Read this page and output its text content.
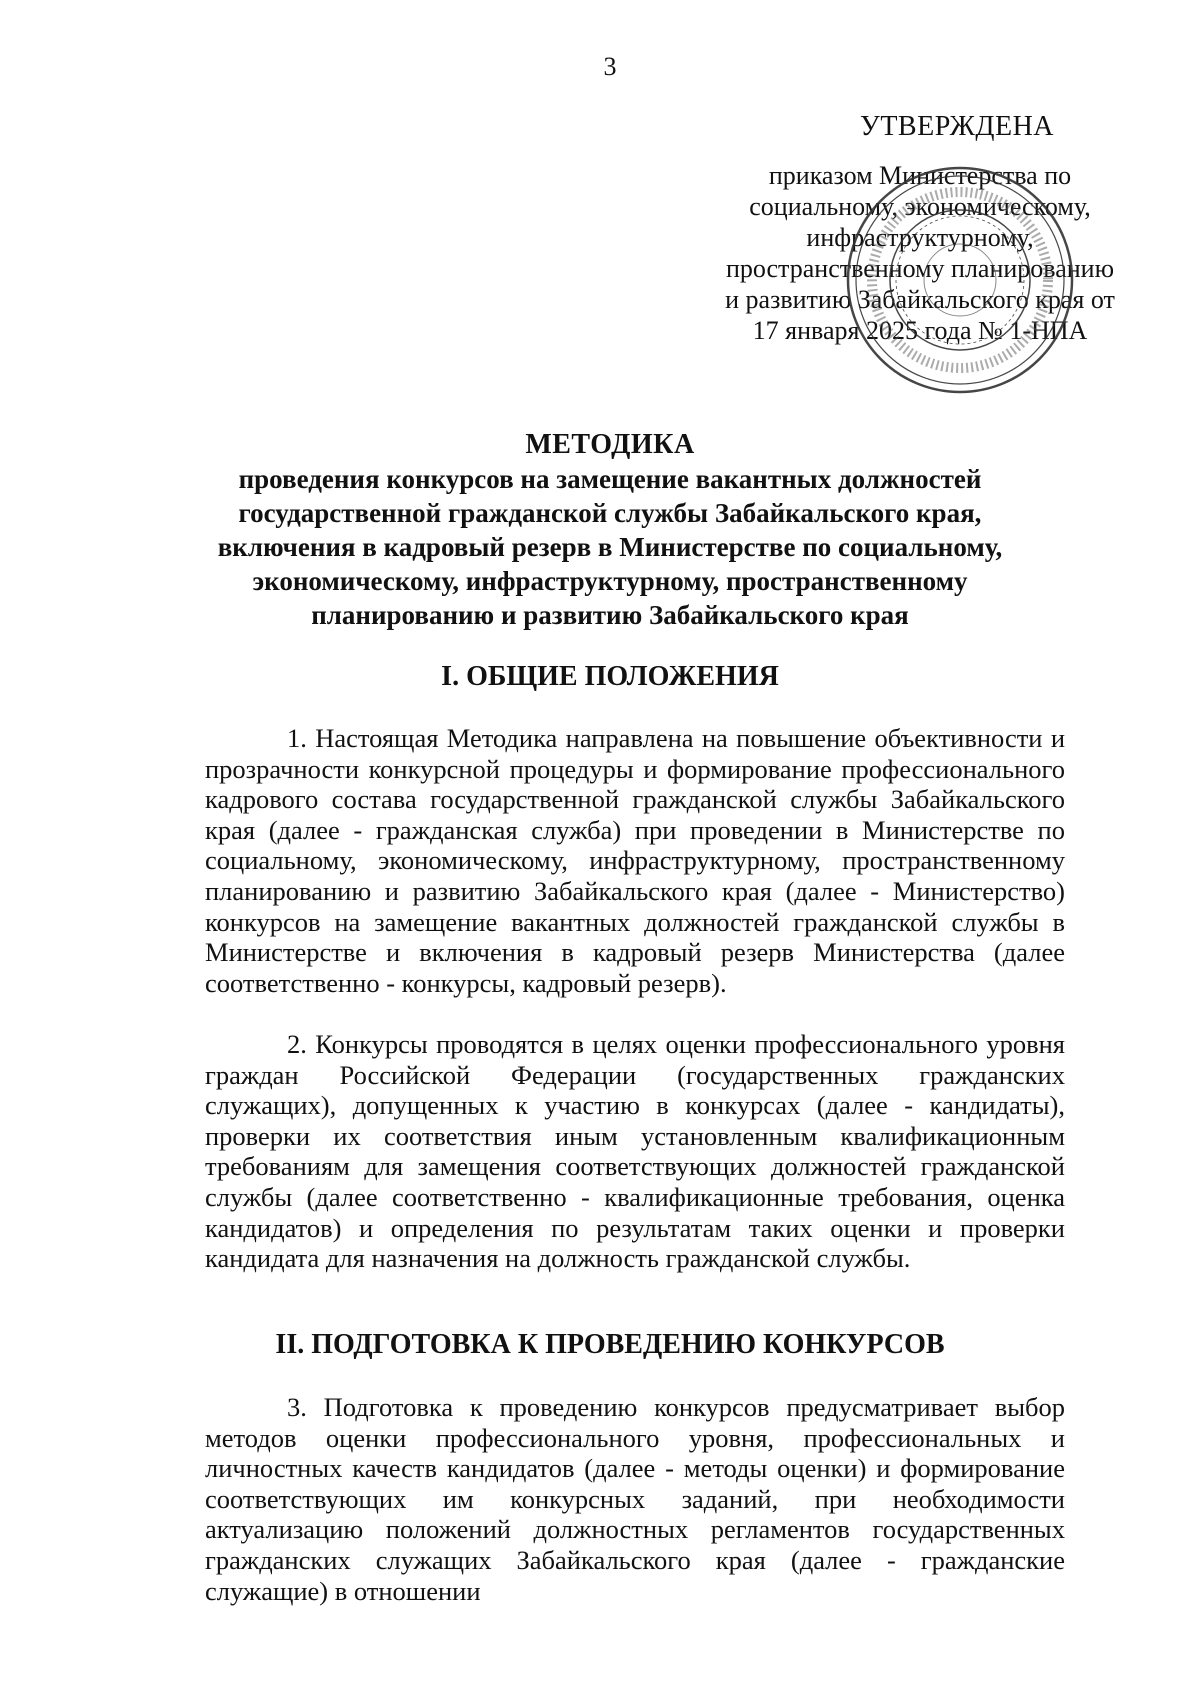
3
УТВЕРЖДЕНА
приказом Министерства по социальному, экономическому, инфраструктурному, пространственному планированию и развитию Забайкальского края от 17 января 2025 года № 1-НПА
МЕТОДИКА
проведения конкурсов на замещение вакантных должностей государственной гражданской службы Забайкальского края, включения в кадровый резерв в Министерстве по социальному, экономическому, инфраструктурному, пространственному планированию и развитию Забайкальского края
I. ОБЩИЕ ПОЛОЖЕНИЯ

1. Настоящая Методика направлена на повышение объективности и прозрачности конкурсной процедуры и формирование профессионального кадрового состава государственной гражданской службы Забайкальского края (далее - гражданская служба) при проведении в Министерстве по социальному, экономическому, инфраструктурному, пространственному планированию и развитию Забайкальского края (далее - Министерство) конкурсов на замещение вакантных должностей гражданской службы в Министерстве и включения в кадровый резерв Министерства (далее соответственно - конкурсы, кадровый резерв).

2. Конкурсы проводятся в целях оценки профессионального уровня граждан Российской Федерации (государственных гражданских служащих), допущенных к участию в конкурсах (далее - кандидаты), проверки их соответствия иным установленным квалификационным требованиям для замещения соответствующих должностей гражданской службы (далее соответственно - квалификационные требования, оценка кандидатов) и определения по результатам таких оценки и проверки кандидата для назначения на должность гражданской службы.

II. ПОДГОТОВКА К ПРОВЕДЕНИЮ КОНКУРСОВ

3. Подготовка к проведению конкурсов предусматривает выбор методов оценки профессионального уровня, профессиональных и личностных качеств кандидатов (далее - методы оценки) и формирование соответствующих им конкурсных заданий, при необходимости актуализацию положений должностных регламентов государственных гражданских служащих Забайкальского края (далее - гражданские служащие) в отношении
